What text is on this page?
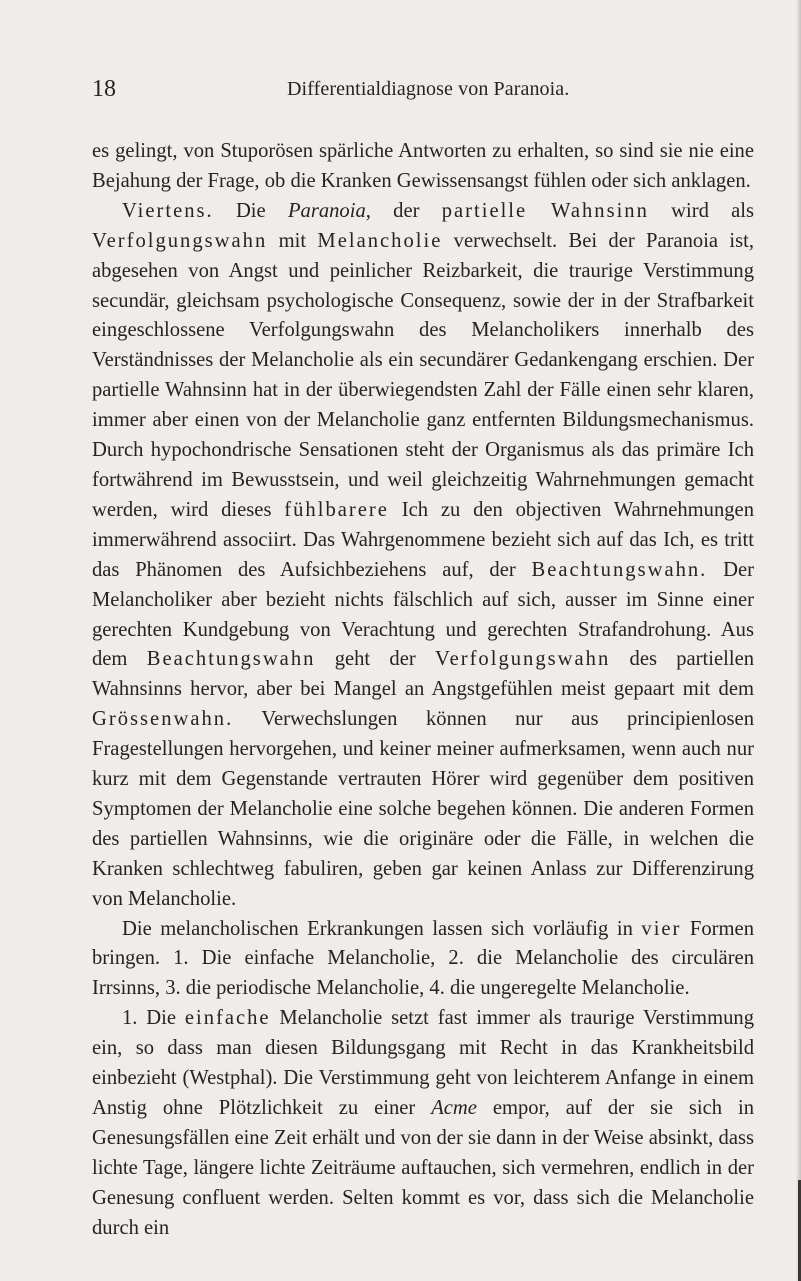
18	Differentialdiagnose von Paranoia.

es gelingt, von Stuporösen spärliche Antworten zu erhalten, so sind sie nie eine Bejahung der Frage, ob die Kranken Gewissensangst fühlen oder sich anklagen.

Viertens. Die Paranoia, der partielle Wahnsinn wird als Verfolgungswahn mit Melancholie verwechselt. Bei der Paranoia ist, abgesehen von Angst und peinlicher Reizbarkeit, die traurige Verstimmung secundär, gleichsam psychologische Consequenz, sowie der in der Strafbarkeit eingeschlossene Verfolgungswahn des Melancholikers innerhalb des Verständnisses der Melancholie als ein secundärer Gedankengang erschien. Der partielle Wahnsinn hat in der überwiegendsten Zahl der Fälle einen sehr klaren, immer aber einen von der Melancholie ganz entfernten Bildungsmechanismus. Durch hypochondrische Sensationen steht der Organismus als das primäre Ich fortwährend im Bewusstsein, und weil gleichzeitig Wahrnehmungen gemacht werden, wird dieses fühlbarere Ich zu den objectiven Wahrnehmungen immerwährend associirt. Das Wahrgenommene bezieht sich auf das Ich, es tritt das Phänomen des Aufsichbeziehens auf, der Beachtungswahn. Der Melancholiker aber bezieht nichts fälschlich auf sich, ausser im Sinne einer gerechten Kundgebung von Verachtung und gerechten Strafandrohung. Aus dem Beachtungswahn geht der Verfolgungswahn des partiellen Wahnsinns hervor, aber bei Mangel an Angstgefühlen meist gepaart mit dem Grössenwahn. Verwechslungen können nur aus principienlosen Fragestellungen hervorgehen, und keiner meiner aufmerksamen, wenn auch nur kurz mit dem Gegenstande vertrauten Hörer wird gegenüber dem positiven Symptomen der Melancholie eine solche begehen können. Die anderen Formen des partiellen Wahnsinns, wie die originäre oder die Fälle, in welchen die Kranken schlechtweg fabuliren, geben gar keinen Anlass zur Differenzirung von Melancholie.

Die melancholischen Erkrankungen lassen sich vorläufig in vier Formen bringen. 1. Die einfache Melancholie, 2. die Melancholie des circulären Irrsinns, 3. die periodische Melancholie, 4. die ungeregelte Melancholie.

1. Die einfache Melancholie setzt fast immer als traurige Verstimmung ein, so dass man diesen Bildungsgang mit Recht in das Krankheitsbild einbezieht (Westphal). Die Verstimmung geht von leichterem Anfange in einem Anstig ohne Plötzlichkeit zu einer Acme empor, auf der sie sich in Genesungsfällen eine Zeit erhält und von der sie dann in der Weise absinkt, dass lichte Tage, längere lichte Zeiträume auftauchen, sich vermehren, endlich in der Genesung confluent werden. Selten kommt es vor, dass sich die Melancholie durch ein
